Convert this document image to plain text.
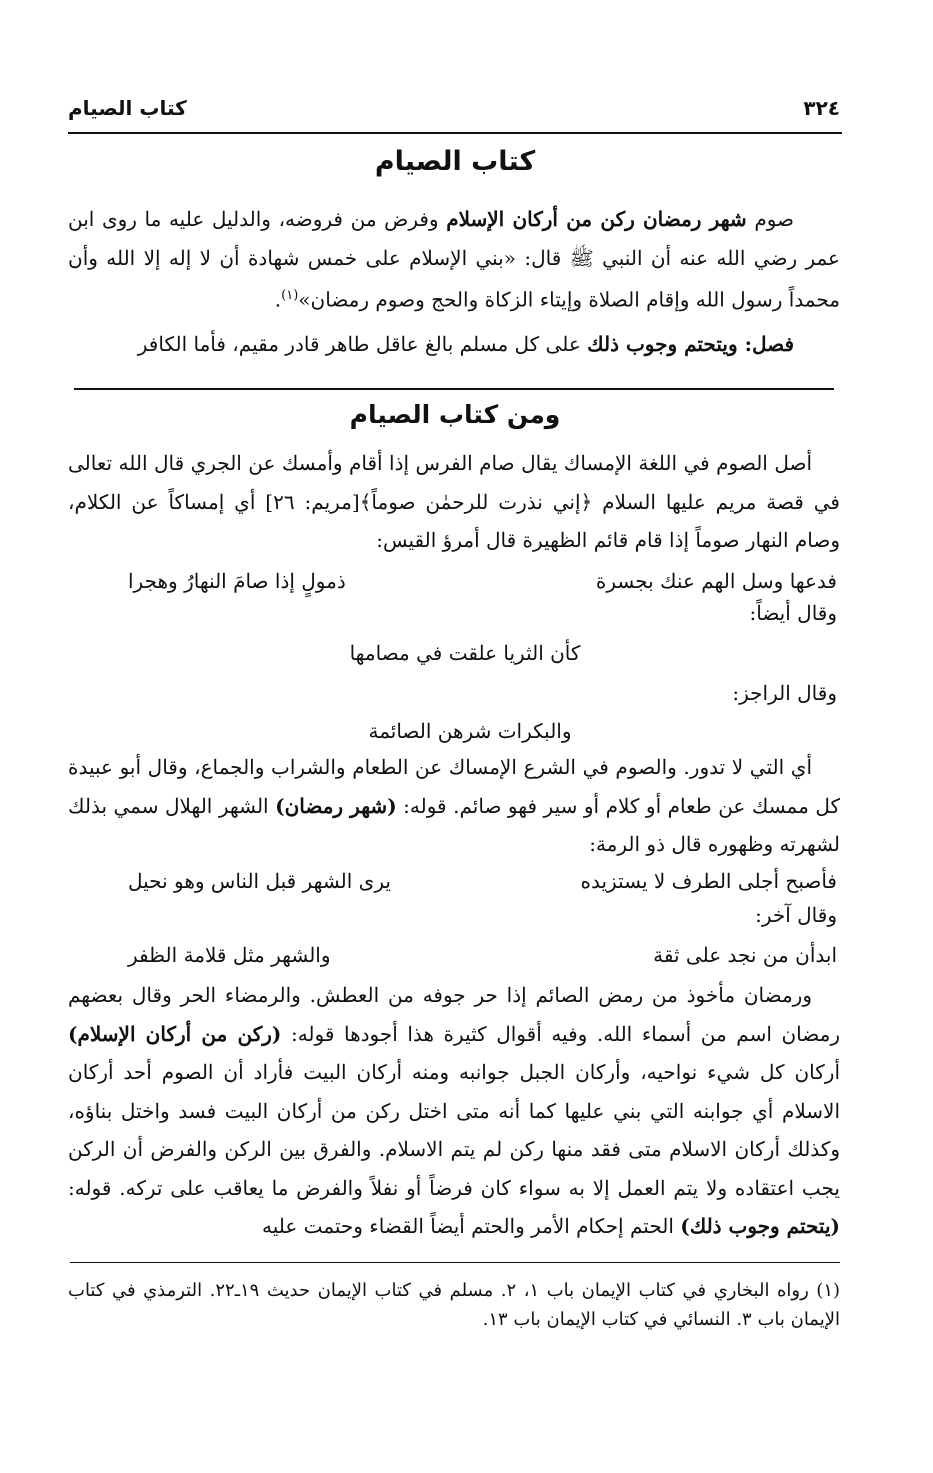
٣٢٤
كتاب الصيام
كتاب الصيام
صوم شهر رمضان ركن من أركان الإسلام وفرض من فروضه، والدليل عليه ما روى ابن عمر رضي الله عنه أن النبي ﷺ قال: «بني الإسلام على خمس شهادة أن لا إله إلا الله وأن محمداً رسول الله وإقام الصلاة وإيتاء الزكاة والحج وصوم رمضان»$^{(١)}$.
فصل: ويتحتم وجوب ذلك على كل مسلم بالغ عاقل طاهر قادر مقيم، فأما الكافر
ومن كتاب الصيام
أصل الصوم في اللغة الإمساك يقال صام الفرس إذا أقام وأمسك عن الجري قال الله تعالى في قصة مريم عليها السلام ﴿إني نذرت للرحمٰن صوماً﴾[مريم: ٢٦] أي إمساكاً عن الكلام، وصام النهار صوماً إذا قام قائم الظهيرة قال أمرؤ القيس:
فدعها وسل الهم عنك بجسرة
ذمولٍ إذا صامَ النهارُ وهجرا
وقال أيضاً:
كأن الثريا علقت في مصامها
وقال الراجز:
والبكرات شرهن الصائمة
أي التي لا تدور. والصوم في الشرع الإمساك عن الطعام والشراب والجماع، وقال أبو عبيدة كل ممسك عن طعام أو كلام أو سير فهو صائم. قوله: (شهر رمضان) الشهر الهلال سمي بذلك لشهرته وظهوره قال ذو الرمة:
فأصبح أجلى الطرف لا يستزيده
يرى الشهر قبل الناس وهو نحيل
وقال آخر:
ابدأن من نجد على ثقة
والشهر مثل قلامة الظفر
ورمضان مأخوذ من رمض الصائم إذا حر جوفه من العطش. والرمضاء الحر وقال بعضهم رمضان اسم من أسماء الله. وفيه أقوال كثيرة هذا أجودها قوله: (ركن من أركان الإسلام) أركان كل شيء نواحيه، وأركان الجبل جوانبه ومنه أركان البيت فأراد أن الصوم أحد أركان الاسلام أي جوابنه التي بني عليها كما أنه متى اختل ركن من أركان البيت فسد واختل بناؤه، وكذلك أركان الاسلام متى فقد منها ركن لم يتم الاسلام. والفرق بين الركن والفرض أن الركن يجب اعتقاده ولا يتم العمل إلا به سواء كان فرضاً أو نفلاً والفرض ما يعاقب على تركه. قوله: (يتحتم وجوب ذلك) الحتم إحكام الأمر والحتم أيضاً القضاء وحتمت عليه
(١) رواه البخاري في كتاب الإيمان باب ١، ٢. مسلم في كتاب الإيمان حديث ١٩ـ٢٢. الترمذي في كتاب الإيمان باب ٣. النسائي في كتاب الإيمان باب ١٣.
